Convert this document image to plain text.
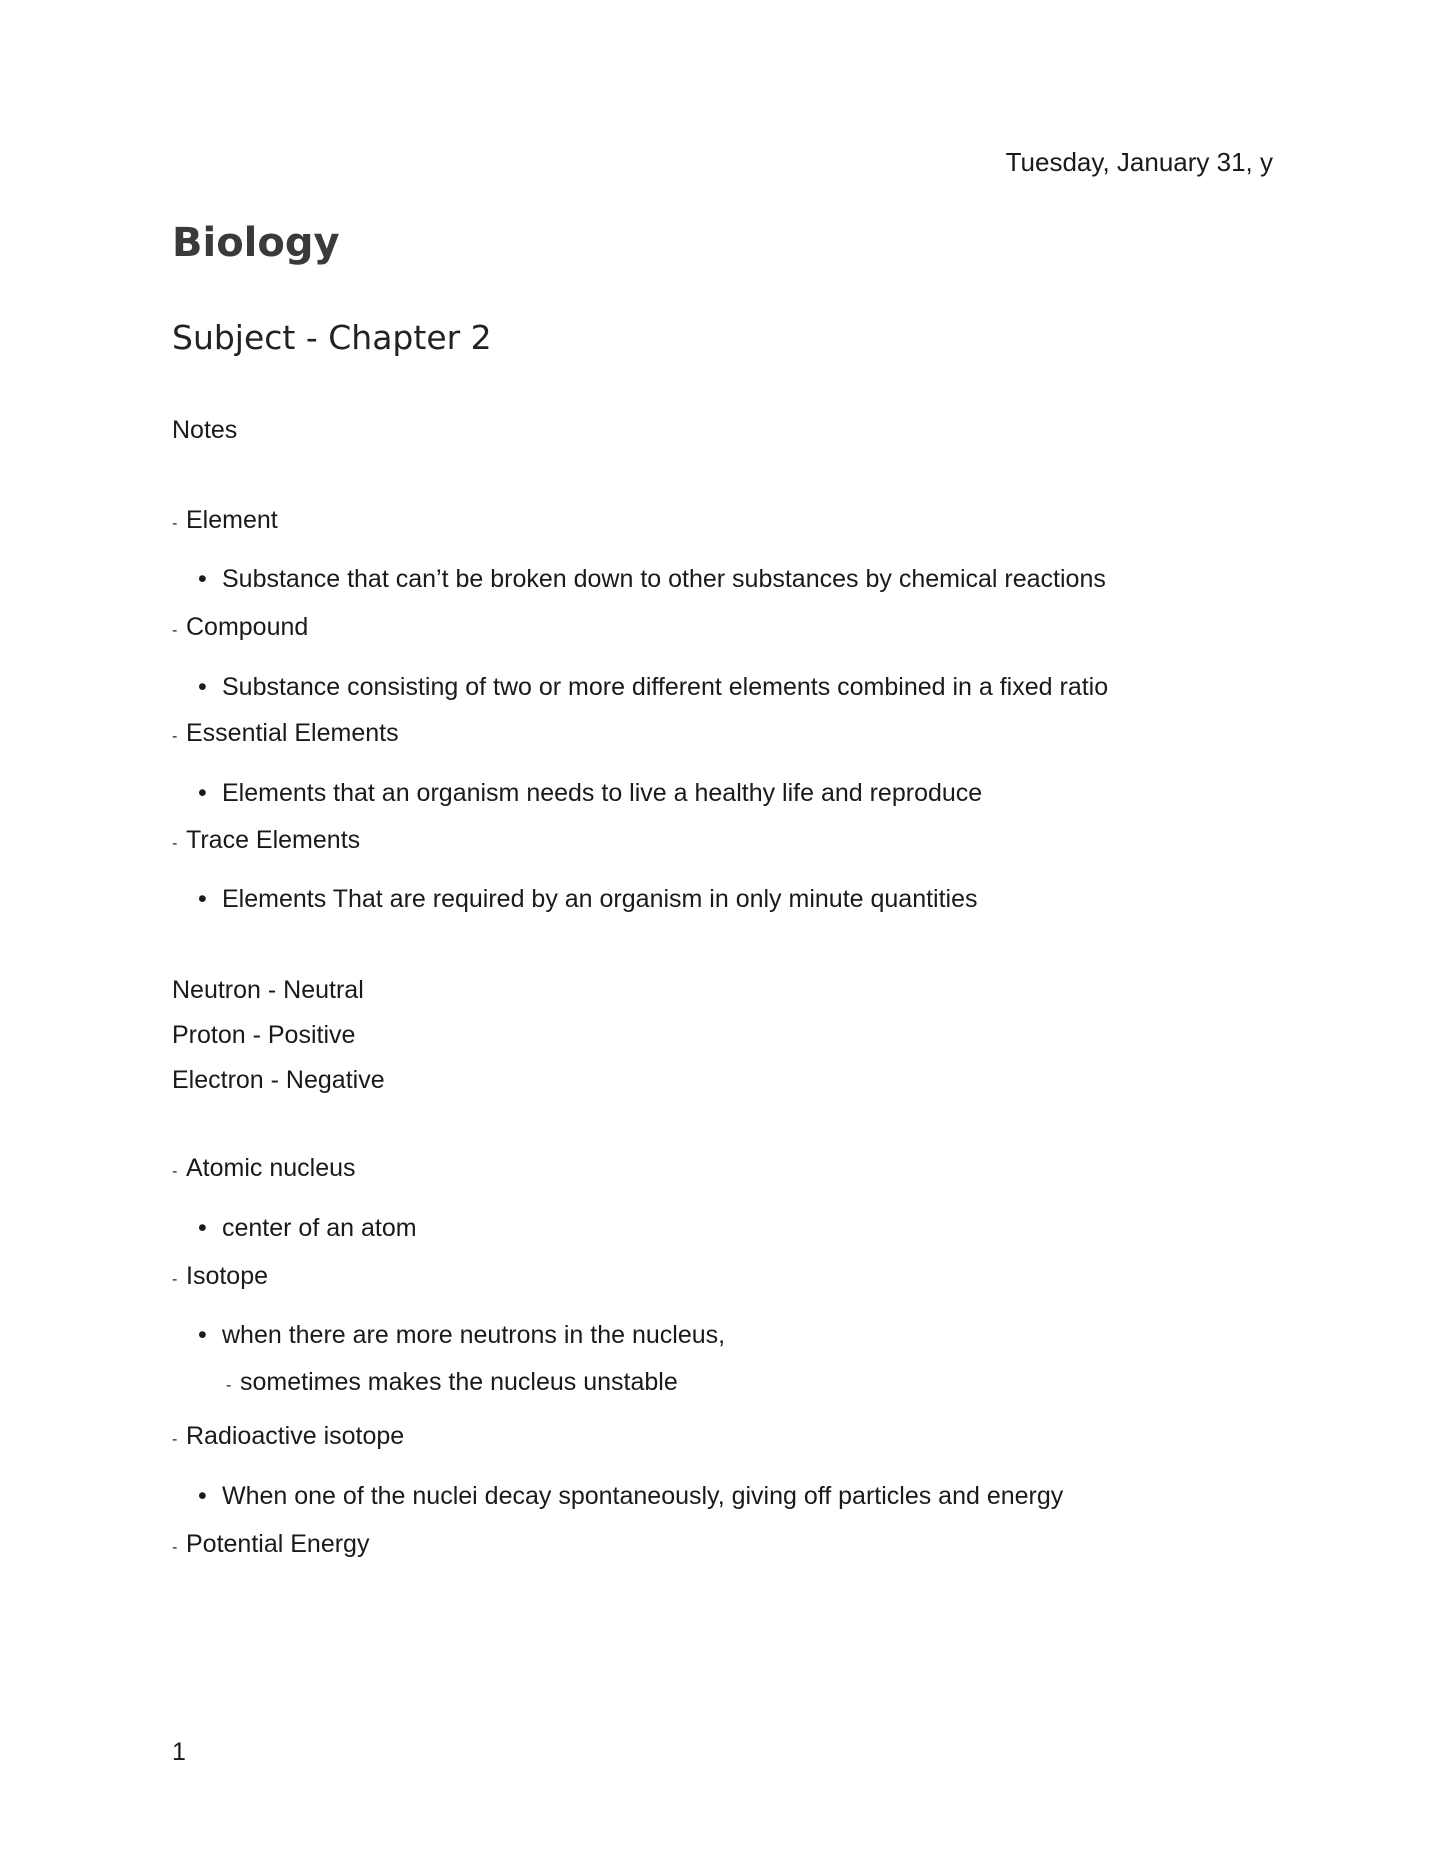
Tuesday, January 31, y
Biology
Subject - Chapter 2
Notes
- Element
• Substance that can’t be broken down to other substances by chemical reactions
- Compound
• Substance consisting of two or more different elements combined in a fixed ratio
- Essential Elements
• Elements that an organism needs to live a healthy life and reproduce
- Trace Elements
• Elements That are required by an organism in only minute quantities
Neutron - Neutral
Proton - Positive
Electron - Negative
- Atomic nucleus
• center of an atom
- Isotope
• when there are more neutrons in the nucleus,
- sometimes makes the nucleus unstable
- Radioactive isotope
• When one of the nuclei decay spontaneously, giving off particles and energy
- Potential Energy
1
